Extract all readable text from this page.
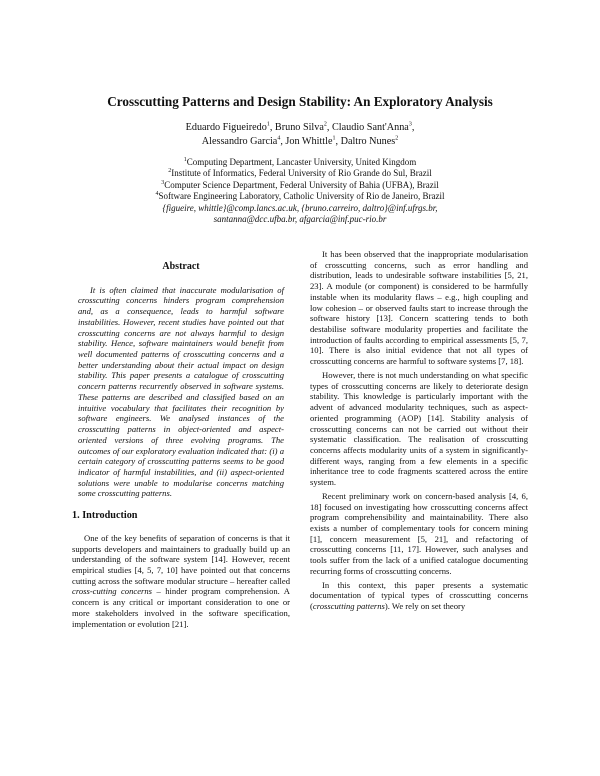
Crosscutting Patterns and Design Stability: An Exploratory Analysis
Eduardo Figueiredo$^1$, Bruno Silva$^2$, Claudio Sant'Anna$^3$,
Alessandro Garcia$^4$, Jon Whittle$^1$, Daltro Nunes$^2$
$^1$Computing Department, Lancaster University, United Kingdom
$^2$Institute of Informatics, Federal University of Rio Grande do Sul, Brazil
$^3$Computer Science Department, Federal University of Bahia (UFBA), Brazil
$^4$Software Engineering Laboratory, Catholic University of Rio de Janeiro, Brazil
{figueire, whittle}@comp.lancs.ac.uk, {bruno.carreiro, daltro}@inf.ufrgs.br,
santanna@dcc.ufba.br, afgarcia@inf.puc-rio.br
Abstract

It is often claimed that inaccurate modularisation of crosscutting concerns hinders program comprehension and, as a consequence, leads to harmful software instabilities. However, recent studies have pointed out that crosscutting concerns are not always harmful to design stability. Hence, software maintainers would benefit from well documented patterns of crosscutting concerns and a better understanding about their actual impact on design stability. This paper presents a catalogue of crosscutting concern patterns recurrently observed in software systems. These patterns are described and classified based on an intuitive vocabulary that facilitates their recognition by software engineers. We analysed instances of the crosscutting patterns in object-oriented and aspect-oriented versions of three evolving programs. The outcomes of our exploratory evaluation indicated that: (i) a certain category of crosscutting patterns seems to be good indicator of harmful instabilities, and (ii) aspect-oriented solutions were unable to modularise concerns matching some crosscutting patterns.

1. Introduction

One of the key benefits of separation of concerns is that it supports developers and maintainers to gradually build up an understanding of the software system [14]. However, recent empirical studies [4, 5, 7, 10] have pointed out that concerns cutting across the software modular structure – hereafter called cross-cutting concerns – hinder program comprehension. A concern is any critical or important consideration to one or more stakeholders involved in the software specification, implementation or evolution [21].

It has been observed that the inappropriate modularisation of crosscutting concerns, such as error handling and distribution, leads to undesirable software instabilities [5, 21, 23]. A module (or component) is considered to be harmfully instable when its modularity flaws – e.g., high coupling and low cohesion – or observed faults start to increase through the software history [13]. Concern scattering tends to both destabilise software modularity properties and facilitate the introduction of faults according to empirical assessments [5, 7, 10]. There is also initial evidence that not all types of crosscutting concerns are harmful to software systems [7, 18].

However, there is not much understanding on what specific types of crosscutting concerns are likely to deteriorate design stability. This knowledge is particularly important with the advent of advanced modularity techniques, such as aspect-oriented programming (AOP) [14]. Stability analysis of crosscutting concerns can not be carried out without their systematic classification. The realisation of crosscutting concerns affects modularity units of a system in significantly-different ways, ranging from a few elements in a specific inheritance tree to code fragments scattered across the entire system.

Recent preliminary work on concern-based analysis [4, 6, 18] focused on investigating how crosscutting concerns affect program comprehensibility and maintainability. There also exists a number of complementary tools for concern mining [1], concern measurement [5, 21], and refactoring of crosscutting concerns [11, 17]. However, such analyses and tools suffer from the lack of a unified catalogue documenting recurring forms of crosscutting concerns.

In this context, this paper presents a systematic documentation of typical types of crosscutting concerns (crosscutting patterns). We rely on set theory
